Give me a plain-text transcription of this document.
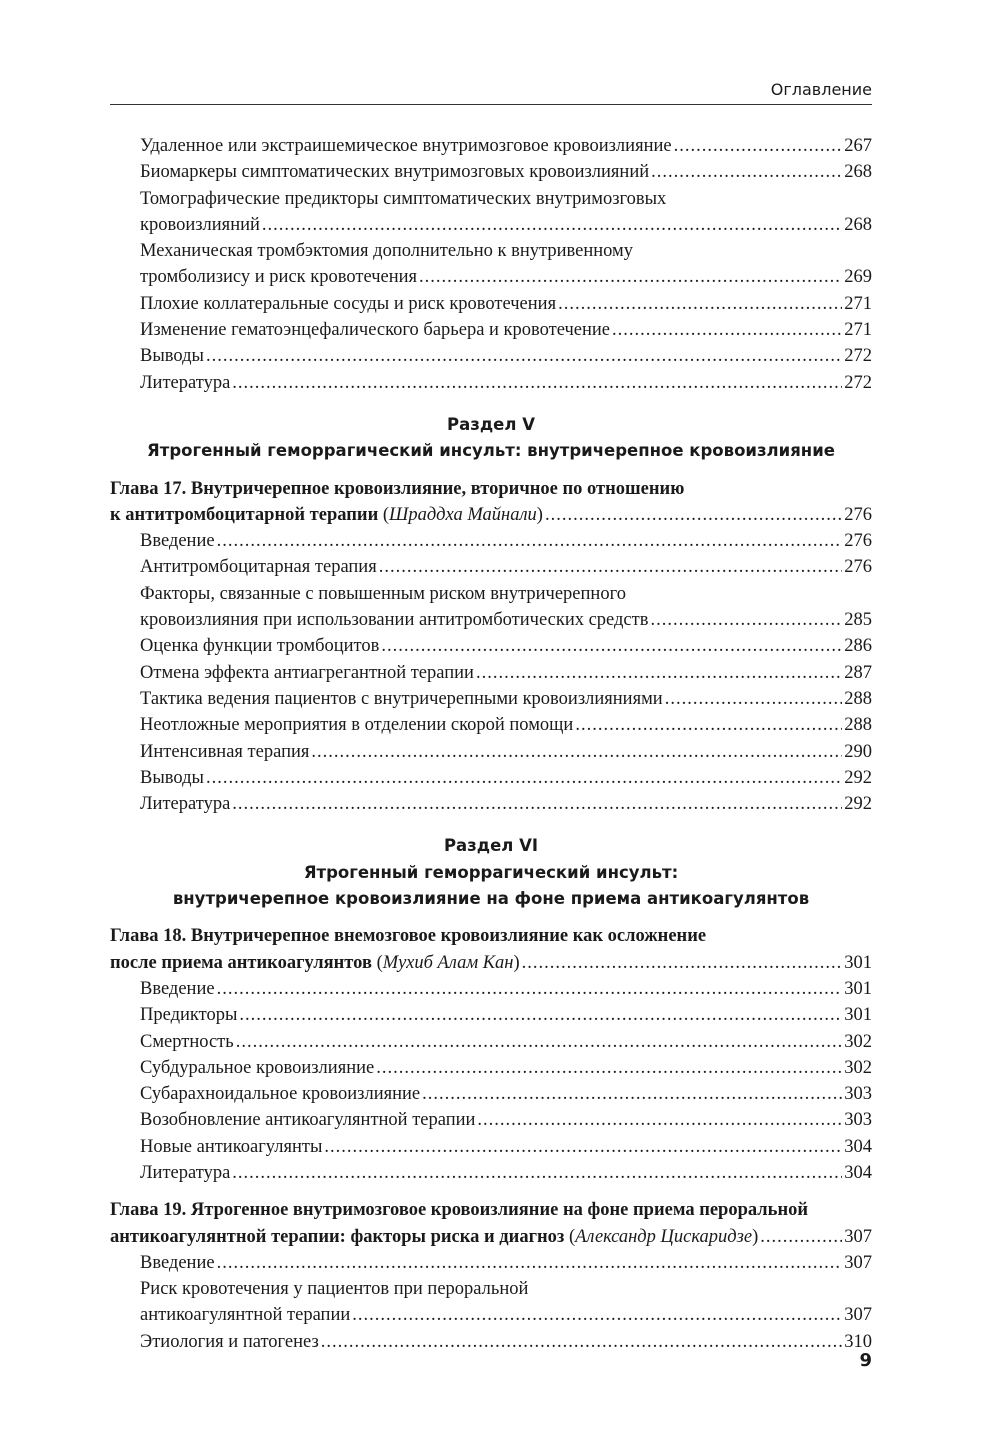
Оглавление
Удаленное или экстраишемическое внутримозговое кровоизлияние .....	267
Биомаркеры симптоматических внутримозговых кровоизлияний .....	268
Томографические предикторы симптоматических внутримозговых
кровоизлияний .....	268
Механическая тромбэктомия дополнительно к внутривенному
тромболизису и риск кровотечения .....	269
Плохие коллатеральные сосуды и риск кровотечения .....	271
Изменение гематоэнцефалического барьера и кровотечение .....	271
Выводы .....	272
Литература .....	272
Раздел V
Ятрогенный геморрагический инсульт: внутричерепное кровоизлияние
Глава 17. Внутричерепное кровоизлияние, вторичное по отношению
к антитромбоцитарной терапии ( Шраддха Майнали ) .....	276
Введение .....	276
Антитромбоцитарная терапия .....	276
Факторы, связанные с повышенным риском внутричерепного
кровоизлияния при использовании антитромботических средств .....	285
Оценка функции тромбоцитов .....	286
Отмена эффекта антиагрегантной терапии .....	287
Тактика ведения пациентов с внутричерепными кровоизлияниями .....	288
Неотложные мероприятия в отделении скорой помощи .....	288
Интенсивная терапия .....	290
Выводы .....	292
Литература .....	292
Раздел VI
Ятрогенный геморрагический инсульт:
внутричерепное кровоизлияние на фоне приема антикоагулянтов
Глава 18. Внутричерепное внемозговое кровоизлияние как осложнение
после приема антикоагулянтов ( Мухиб Алам Кан ) .....	301
Введение .....	301
Предикторы .....	301
Смертность .....	302
Субдуральное кровоизлияние .....	302
Субарахноидальное кровоизлияние .....	303
Возобновление антикоагулянтной терапии .....	303
Новые антикоагулянты .....	304
Литература .....	304
Глава 19. Ятрогенное внутримозговое кровоизлияние на фоне приема пероральной
антикоагулянтной терапии: факторы риска и диагноз ( Александр Цискаридзе ) .....	307
Введение .....	307
Риск кровотечения у пациентов при пероральной
антикоагулянтной терапии .....	307
Этиология и патогенез .....	310
9
